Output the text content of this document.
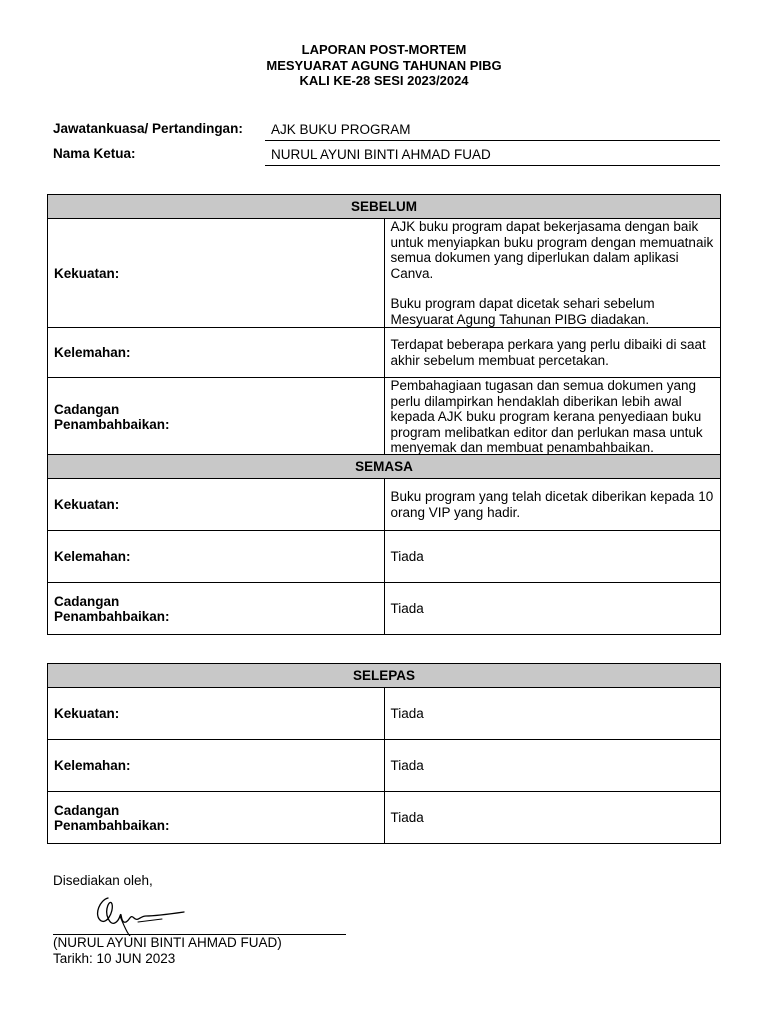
LAPORAN POST-MORTEM
MESYUARAT AGUNG TAHUNAN PIBG
KALI KE-28 SESI 2023/2024
Jawatankuasa/ Pertandingan:	AJK BUKU PROGRAM
Nama Ketua:	NURUL AYUNI BINTI AHMAD FUAD
SEBELUM	
Kekuatan:	AJK buku program dapat bekerjasama dengan baik untuk menyiapkan buku program dengan memuatnaik semua dokumen yang diperlukan dalam aplikasi Canva.

Buku program dapat dicetak sehari sebelum Mesyuarat Agung Tahunan PIBG diadakan.

Kelemahan:	Terdapat beberapa perkara yang perlu dibaiki di saat akhir sebelum membuat percetakan.
Cadangan
Penambahbaikan:	Pembahagiaan tugasan dan semua dokumen yang perlu dilampirkan hendaklah diberikan lebih awal kepada AJK buku program kerana penyediaan buku program melibatkan editor dan perlukan masa untuk menyemak dan membuat penambahbaikan.
SEMASA	
Kekuatan:	Buku program yang telah dicetak diberikan kepada 10 orang VIP yang hadir.
Kelemahan:	Tiada
Cadangan
Penambahbaikan:	Tiada
SELEPAS	
Kekuatan:	Tiada
Kelemahan:	Tiada
Cadangan
Penambahbaikan:	Tiada
Disediakan oleh,
(NURUL AYUNI BINTI AHMAD FUAD)
Tarikh: 10 JUN 2023
